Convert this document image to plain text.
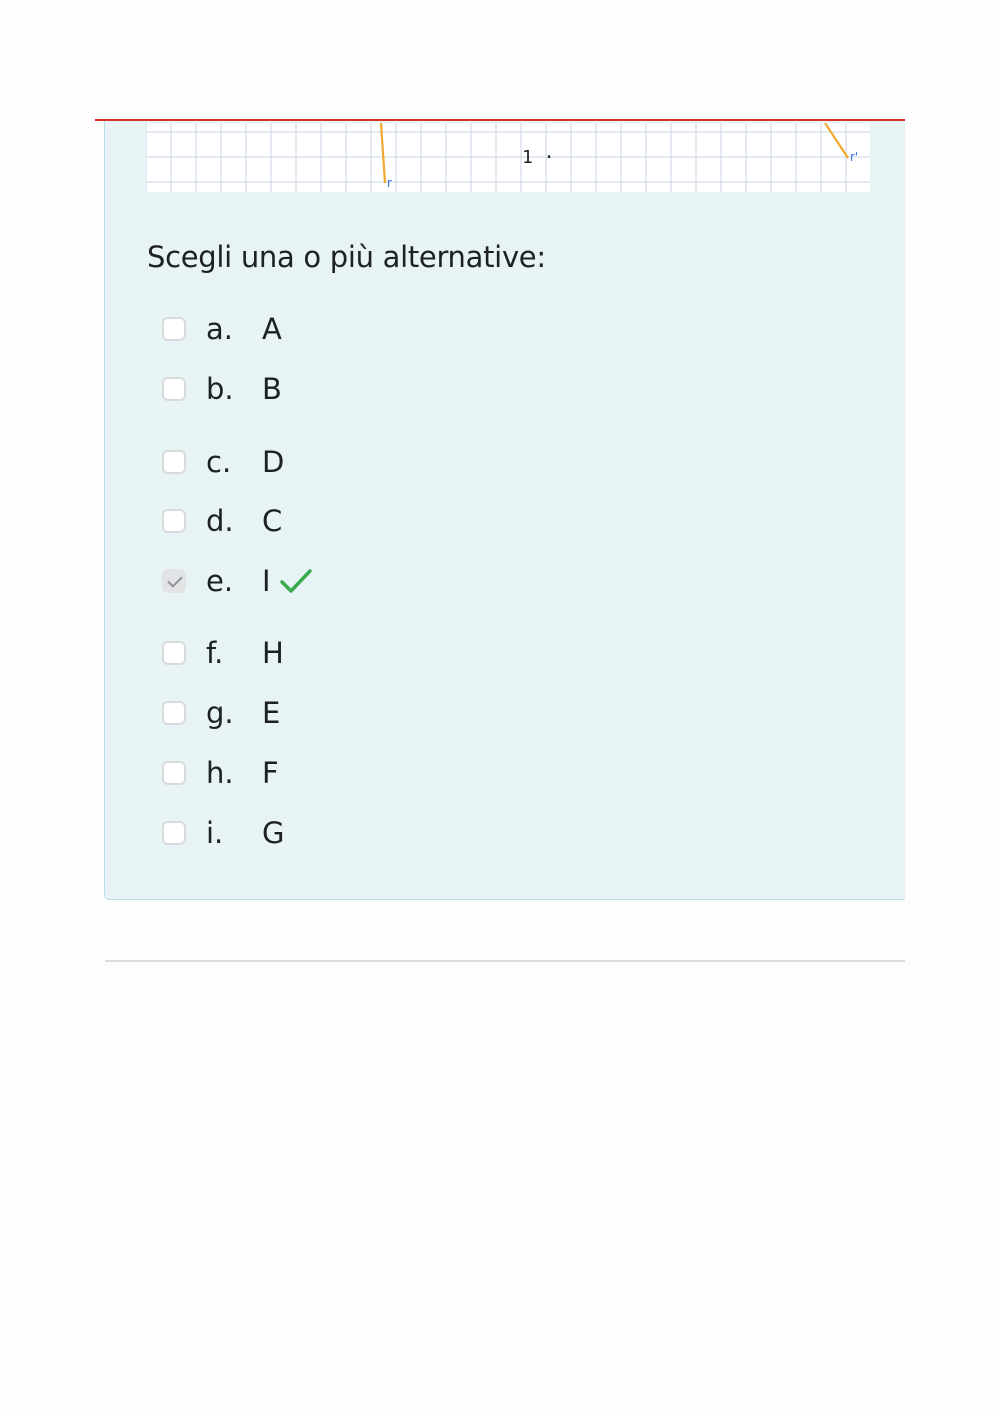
1 ·
r
r'
Scegli una o più alternative:
a.	A
b. B
c.	D
d. C
e. I
f.	H
g. E
h. F
i.	G
